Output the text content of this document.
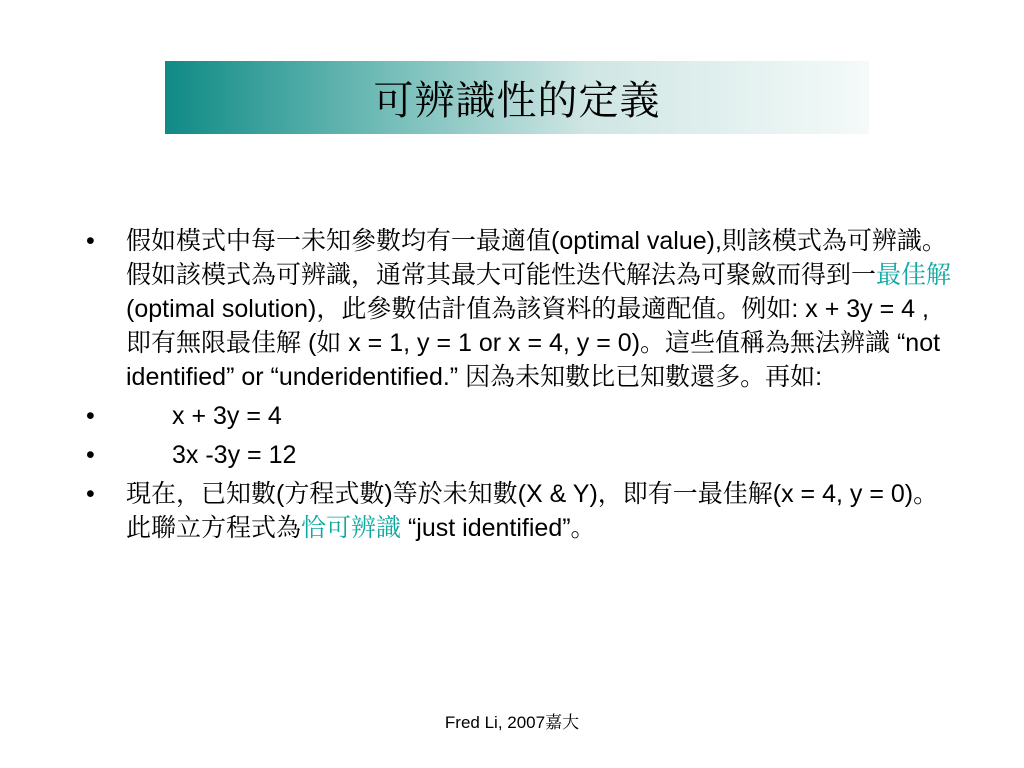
可辨識性的定義
•	假如模式中每一未知參數均有一最適值(optimal value),則該模式為可辨識。假如該模式為可辨識，通常其最大可能性迭代解法為可聚斂而得到一最佳解(optimal solution)，此參數估計值為該資料的最適配值。例如: x + 3y = 4 , 即有無限最佳解 (如 x = 1, y = 1 or x = 4, y = 0)。這些值稱為無法辨識 “not identified” or “underidentified.” 因為未知數比已知數還多。再如:
•	x + 3y = 4
•	3x -3y = 12
•	現在，已知數(方程式數)等於未知數(X & Y)，即有一最佳解(x = 4, y = 0)。此聯立方程式為恰可辨識 “just identified”。
Fred Li, 2007嘉大
